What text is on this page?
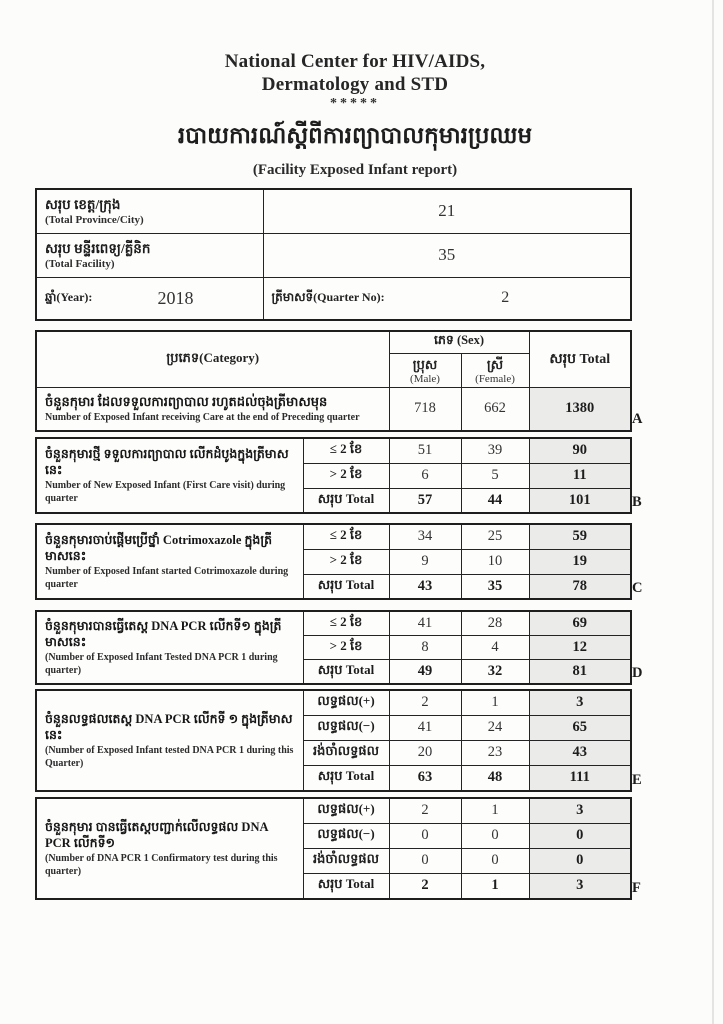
National Center for HIV/AIDS,
Dermatology and STD
*****
របាយការណ៍ស្តីពីការព្យាបាលកុមារប្រឈម
(Facility Exposed Infant report)
សរុប ខេត្ត/ក្រុង
(Total Province/City)	21

សរុប មន្ទីរពេទ្យ/គ្លីនិក
(Total Facility)	35

ឆ្នាំ(Year): 2018	ត្រីមាសទី(Quarter No): 2
ប្រភេទ(Category)	ភេទ (Sex)		សរុប Total

	ប្រុស
(Male)	ស្រី
(Female)	

ចំនួនកុមារ ដែលទទួលការព្យាបាល រហូតដល់ចុងត្រីមាសមុន
Number of Exposed Infant receiving Care at the end of Preceding quarter	718	662	1380
ចំនួនកុមារថ្មី ទទួលការព្យាបាល លើកដំបូងក្នុងត្រីមាសនេះ
Number of New Exposed Infant (First Care visit) during quarter	≤ 2 ខែ	51	39	90
	> 2 ខែ	6	5	11
	សរុប Total	57	44	101
ចំនួនកុមារចាប់ផ្តើមប្រើថ្នាំ Cotrimoxazole ក្នុងត្រីមាសនេះ
Number of Exposed Infant started Cotrimoxazole during quarter	≤ 2 ខែ	34	25	59
	> 2 ខែ	9	10	19
	សរុប Total	43	35	78
ចំនួនកុមារបានធ្វើតេស្ត DNA PCR លើកទី១ ក្នុងត្រីមាសនេះ
(Number of Exposed Infant Tested DNA PCR 1 during quarter)	≤ 2 ខែ	41	28	69
	> 2 ខែ	8	4	12
	សរុប Total	49	32	81
ចំនួនលទ្ធផលតេស្ត DNA PCR លើកទី ១ ក្នុងត្រីមាសនេះ
(Number of Exposed Infant tested DNA PCR 1 during this Quarter)	លទ្ធផល(+)	2	1	3
	លទ្ធផល(−)	41	24	65
	រង់ចាំលទ្ធផល	20	23	43
	សរុប Total	63	48	111
ចំនួនកុមារ បានធ្វើតេស្តបញ្ជាក់លើលទ្ធផល DNA PCR លើកទី១
(Number of DNA PCR 1 Confirmatory test during this quarter)	លទ្ធផល(+)	2	1	3
	លទ្ធផល(−)	0	0	0
	រង់ចាំលទ្ធផល	0	0	0
	សរុប Total	2	1	3
A
B
C
D
E
F
